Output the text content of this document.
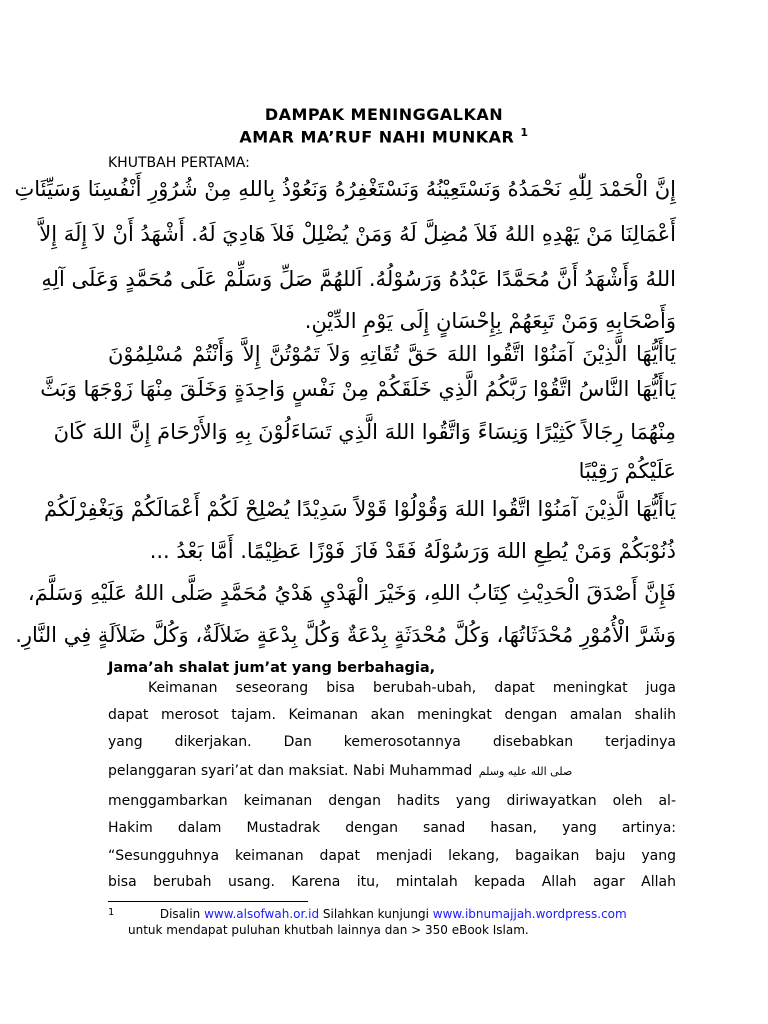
DAMPAK MENINGGALKAN
AMAR MA’RUF NAHI MUNKAR $^1$
KHUTBAH PERTAMA:
إِنَّ الْحَمْدَ لِلّٰهِ نَحْمَدُهُ وَنَسْتَعِيْنُهُ وَنَسْتَغْفِرُهُ وَنَعُوْذُ بِاللهِ مِنْ شُرُوْرِ أَنْفُسِنَا وَسَيِّئَاتِ
أَعْمَالِنَا مَنْ يَهْدِهِ اللهُ فَلاَ مُضِلَّ لَهُ وَمَنْ يُضْلِلْ فَلاَ هَادِيَ لَهُ. أَشْهَدُ أَنْ لاَ إِلَهَ إِلاَّ
اللهُ وَأَشْهَدُ أَنَّ مُحَمَّدًا عَبْدُهُ وَرَسُوْلُهُ. اَللهُمَّ صَلِّ وَسَلِّمْ عَلَى مُحَمَّدٍ وَعَلَى آلِهِ
وَأَصْحَابِهِ وَمَنْ تَبِعَهُمْ بِإِحْسَانٍ إِلَى يَوْمِ الدِّيْنِ.
يَاأَيُّهَا الَّذِيْنَ آمَنُوْا اتَّقُوا اللهَ حَقَّ تُقَاتِهِ وَلاَ تَمُوْتُنَّ إِلاَّ وَأَنْتُمْ مُسْلِمُوْنَ
يَاأَيُّهَا النَّاسُ اتَّقُوْا رَبَّكُمُ الَّذِي خَلَقَكُمْ مِنْ نَفْسٍ وَاحِدَةٍ وَخَلَقَ مِنْهَا زَوْجَهَا وَبَثَّ
مِنْهُمَا رِجَالاً كَثِيْرًا وَنِسَاءً وَاتَّقُوا اللهَ الَّذِي تَسَاءَلُوْنَ بِهِ وَالأَرْحَامَ إِنَّ اللهَ كَانَ
عَلَيْكُمْ رَقِيْبًا
يَاأَيُّهَا الَّذِيْنَ آمَنُوْا اتَّقُوا اللهَ وَقُوْلُوْا قَوْلاً سَدِيْدًا يُصْلِحْ لَكُمْ أَعْمَالَكُمْ وَيَغْفِرْلَكُمْ
ذُنُوْبَكُمْ وَمَنْ يُطِعِ اللهَ وَرَسُوْلَهُ فَقَدْ فَازَ فَوْزًا عَظِيْمًا. أَمَّا بَعْدُ ...
فَإِنَّ أَصْدَقَ الْحَدِيْثِ كِتَابُ اللهِ، وَخَيْرَ الْهَدْيِ هَدْيُ مُحَمَّدٍ صَلَّى اللهُ عَلَيْهِ وَسَلَّمَ،
وَشَرَّ الْأُمُوْرِ مُحْدَثَاتُهَا، وَكُلَّ مُحْدَثَةٍ بِدْعَةٌ وَكُلَّ بِدْعَةٍ ضَلاَلَةٌ، وَكُلَّ ضَلاَلَةٍ فِي النَّارِ.
Jama’ah shalat jum’at yang berbahagia,
Keimanan seseorang bisa berubah-ubah, dapat meningkat juga
dapat merosot tajam. Keimanan akan meningkat dengan amalan shalih
yang dikerjakan. Dan kemerosotannya disebabkan terjadinya
pelanggaran syari’at dan maksiat. Nabi Muhammad صلى الله عليه وسلم
menggambarkan keimanan dengan hadits yang diriwayatkan oleh al-
Hakim dalam Mustadrak dengan sanad hasan, yang artinya:
“Sesungguhnya keimanan dapat menjadi lekang, bagaikan baju yang
bisa berubah usang. Karena itu, mintalah kepada Allah agar Allah
1	Disalin www.alsofwah.or.id Silahkan kunjungi www.ibnumajjah.wordpress.com
untuk mendapat puluhan khutbah lainnya dan > 350 eBook Islam.
